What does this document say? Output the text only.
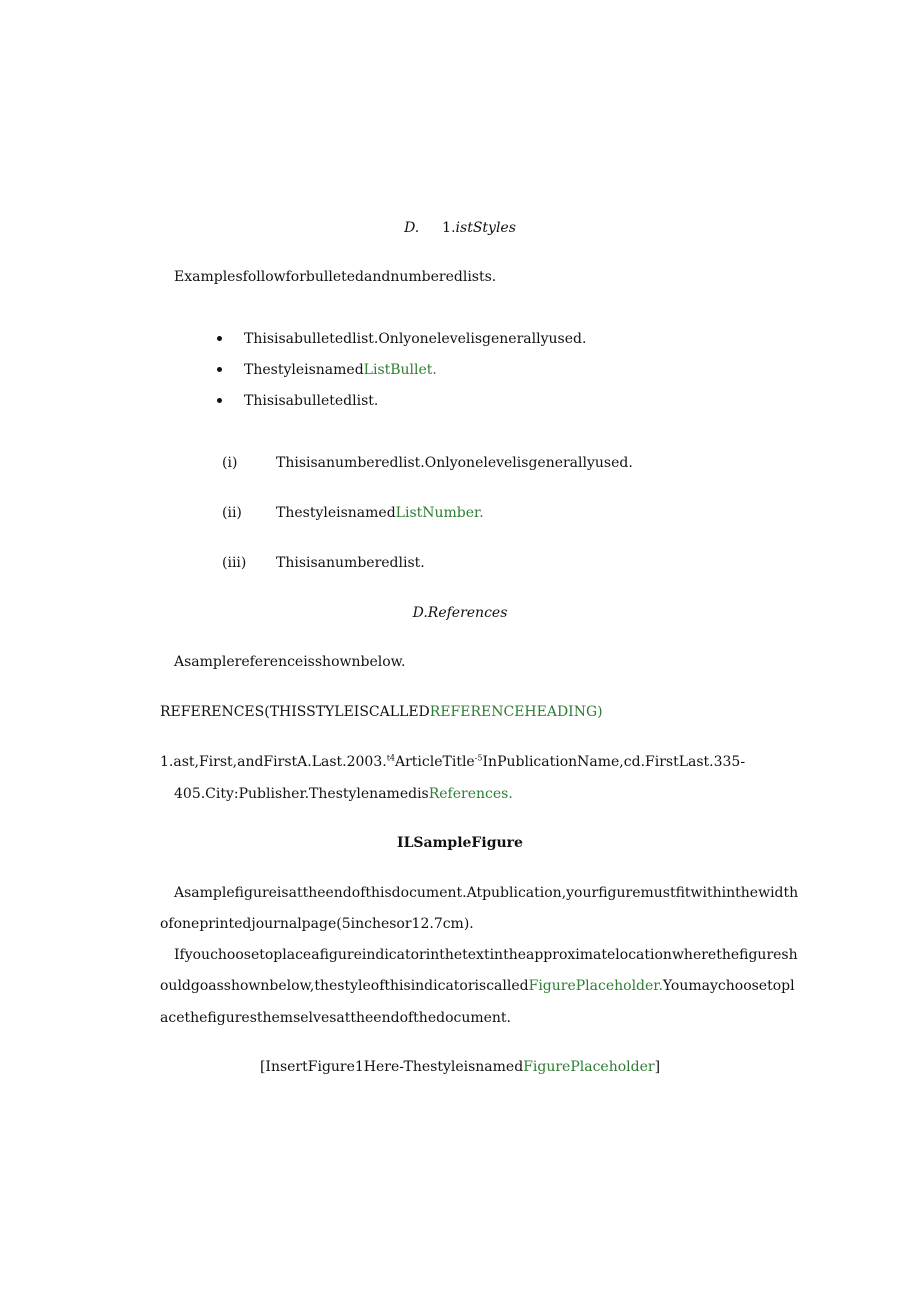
D. 1.istStyles
Examplesfollowforbulletedandnumberedlists.
Thisisabulletedlist.Onlyonelevelisgenerallyused.
ThestyleisnamedListBullet.
Thisisabulletedlist.
(i)	Thisisanumberedlist.Onlyonelevelisgenerallyused.
(ii) ThestyleisnamedListNumber.
(iii) Thisisanumberedlist.
D.References
Asamplereferenceisshownbelow.
REFERENCES(THISSTYLEISCALLEDREFERENCEHEADING)
1.ast,First,andFirstA.Last.2003.$^{t4}$ArticleTitle$^{-5}$InPublicationName,cd.FirstLast.335-
405.City:Publisher.ThestylenamedisReferences.
ILSampleFigure
Asamplefigureisattheendofthisdocument.Atpublication,yourfiguremustfitwithinthewidth
ofoneprintedjournalpage(5inchesor12.7cm).
Ifyouchoosetoplaceafigureindicatorinthetextintheapproximatelocationwherethefiguresh
ouldgoasshownbelow,thestyleofthisindicatoriscalledFigurePlaceholder.Youmaychoosetopl
acethefiguresthemselvesattheendofthedocument.
[InsertFigure1Here-ThestyleisnamedFigurePlaceholder]
